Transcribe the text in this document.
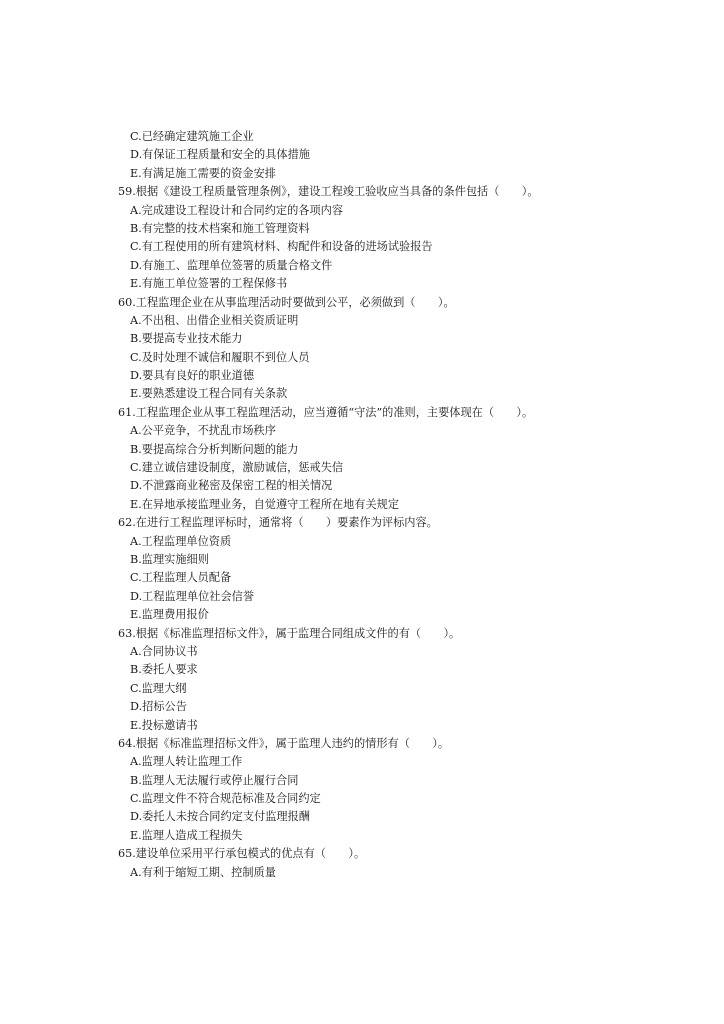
C.已经确定建筑施工企业
D.有保证工程质量和安全的具体措施
E.有满足施工需要的资金安排
59.根据《建设工程质量管理条例》，建设工程竣工验收应当具备的条件包括（　　）。
A.完成建设工程设计和合同约定的各项内容
B.有完整的技术档案和施工管理资料
C.有工程使用的所有建筑材料、构配件和设备的进场试验报告
D.有施工、监理单位签署的质量合格文件
E.有施工单位签署的工程保修书
60.工程监理企业在从事监理活动时要做到公平，必须做到（　　）。
A.不出租、出借企业相关资质证明
B.要提高专业技术能力
C.及时处理不诚信和履职不到位人员
D.要具有良好的职业道德
E.要熟悉建设工程合同有关条款
61.工程监理企业从事工程监理活动，应当遵循“守法”的准则，主要体现在（　　）。
A.公平竞争，不扰乱市场秩序
B.要提高综合分析判断问题的能力
C.建立诚信建设制度，激励诚信，惩戒失信
D.不泄露商业秘密及保密工程的相关情况
E.在异地承接监理业务，自觉遵守工程所在地有关规定
62.在进行工程监理评标时，通常将（　　）要素作为评标内容。
A.工程监理单位资质
B.监理实施细则
C.工程监理人员配备
D.工程监理单位社会信誉
E.监理费用报价
63.根据《标准监理招标文件》，属于监理合同组成文件的有（　　）。
A.合同协议书
B.委托人要求
C.监理大纲
D.招标公告
E.投标邀请书
64.根据《标准监理招标文件》，属于监理人违约的情形有（　　）。
A.监理人转让监理工作
B.监理人无法履行或停止履行合同
C.监理文件不符合规范标准及合同约定
D.委托人未按合同约定支付监理报酬
E.监理人造成工程损失
65.建设单位采用平行承包模式的优点有（　　）。
A.有利于缩短工期、控制质量
